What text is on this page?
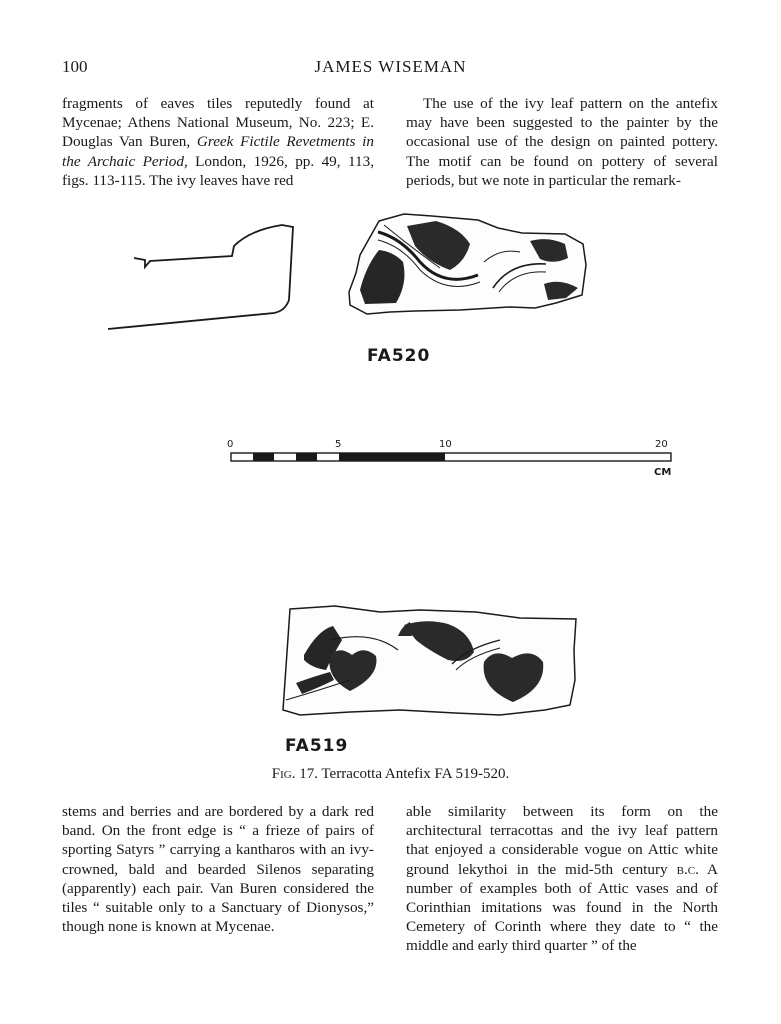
100	JAMES WISEMAN

fragments of eaves tiles reputedly found at Mycenae; Athens National Museum, No. 223; E. Douglas Van Buren, Greek Fictile Revetments in the Archaic Period, London, 1926, pp. 49, 113, figs. 113-115. The ivy leaves have red

The use of the ivy leaf pattern on the antefix may have been suggested to the painter by the occasional use of the design on painted pottery. The motif can be found on pottery of several periods, but we note in particular the remark-

0	5	10	20
CM
FA520
FA519
Fig. 17. Terracotta Antefix FA 519-520.

stems and berries and are bordered by a dark red band. On the front edge is “ a frieze of pairs of sporting Satyrs ” carrying a kantharos with an ivy-crowned, bald and bearded Silenos separating (apparently) each pair. Van Buren considered the tiles “ suitable only to a Sanctuary of Dionysos,” though none is known at Mycenae.

able similarity between its form on the architectural terracottas and the ivy leaf pattern that enjoyed a considerable vogue on Attic white ground lekythoi in the mid-5th century b.c. A number of examples both of Attic vases and of Corinthian imitations was found in the North Cemetery of Corinth where they date to “ the middle and early third quarter ” of the
